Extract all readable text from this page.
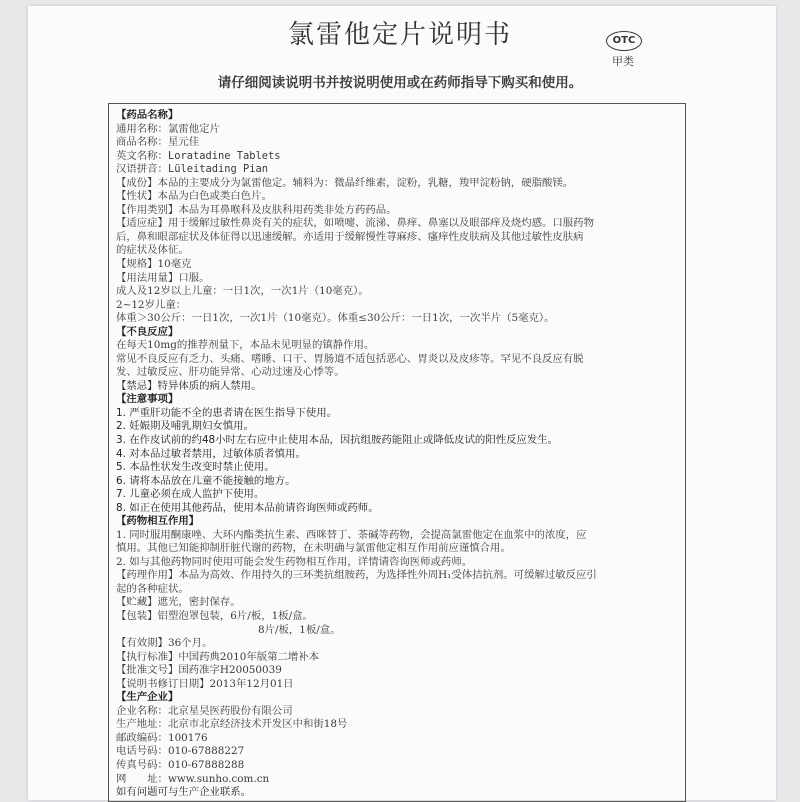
氯雷他定片说明书	OTC
甲类
请仔细阅读说明书并按说明使用或在药师指导下购买和使用。
【药品名称】
通用名称：氯雷他定片
商品名称：星元佳
英文名称：Loratadine Tablets
汉语拼音：Lüleitading Pian
【成份】本品的主要成分为氯雷他定。辅料为：微晶纤维素，淀粉，乳糖，羧甲淀粉钠，硬脂酸镁。
【性状】本品为白色或类白色片。
【作用类别】本品为耳鼻喉科及皮肤科用药类非处方药药品。
【适应症】用于缓解过敏性鼻炎有关的症状，如喷嚏、流涕、鼻痒、鼻塞以及眼部痒及烧灼感。口服药物
后，鼻和眼部症状及体征得以迅速缓解。亦适用于缓解慢性荨麻疹、瘙痒性皮肤病及其他过敏性皮肤病
的症状及体征。
【规格】10毫克
【用法用量】口服。
成人及12岁以上儿童：一日1次，一次1片（10毫克）。
2~12岁儿童：
体重＞30公斤：一日1次，一次1片（10毫克）。体重≤30公斤：一日1次，一次半片（5毫克）。
【不良反应】
在每天10mg的推荐剂量下，本品未见明显的镇静作用。
常见不良反应有乏力、头痛、嗜睡、口干、胃肠道不适包括恶心、胃炎以及皮疹等。罕见不良反应有脱
发、过敏反应、肝功能异常、心动过速及心悸等。
【禁忌】特异体质的病人禁用。
【注意事项】
1. 严重肝功能不全的患者请在医生指导下使用。
2. 妊娠期及哺乳期妇女慎用。
3. 在作皮试前的约48小时左右应中止使用本品，因抗组胺药能阻止或降低皮试的阳性反应发生。
4. 对本品过敏者禁用，过敏体质者慎用。
5. 本品性状发生改变时禁止使用。
6. 请将本品放在儿童不能接触的地方。
7. 儿童必须在成人监护下使用。
8. 如正在使用其他药品，使用本品前请咨询医师或药师。
【药物相互作用】
1. 同时服用酮康唑、大环内酯类抗生素、西咪替丁、茶碱等药物，会提高氯雷他定在血浆中的浓度，应
慎用。其他已知能抑制肝脏代谢的药物，在未明确与氯雷他定相互作用前应谨慎合用。
2. 如与其他药物同时使用可能会发生药物相互作用，详情请咨询医师或药师。
【药理作用】本品为高效、作用持久的三环类抗组胺药，为选择性外周H₁受体拮抗剂。可缓解过敏反应引
起的各种症状。
【贮藏】遮光，密封保存。
【包装】铝塑泡罩包装，6片/板，1板/盒。
8片/板，1板/盒。
【有效期】36个月。
【执行标准】中国药典2010年版第二增补本
【批准文号】国药准字H20050039
【说明书修订日期】2013年12月01日
【生产企业】
企业名称：北京星昊医药股份有限公司
生产地址：北京市北京经济技术开发区中和街18号
邮政编码：100176
电话号码：010-67888227
传真号码：010-67888288
网　　址：www.sunho.com.cn
如有问题可与生产企业联系。
